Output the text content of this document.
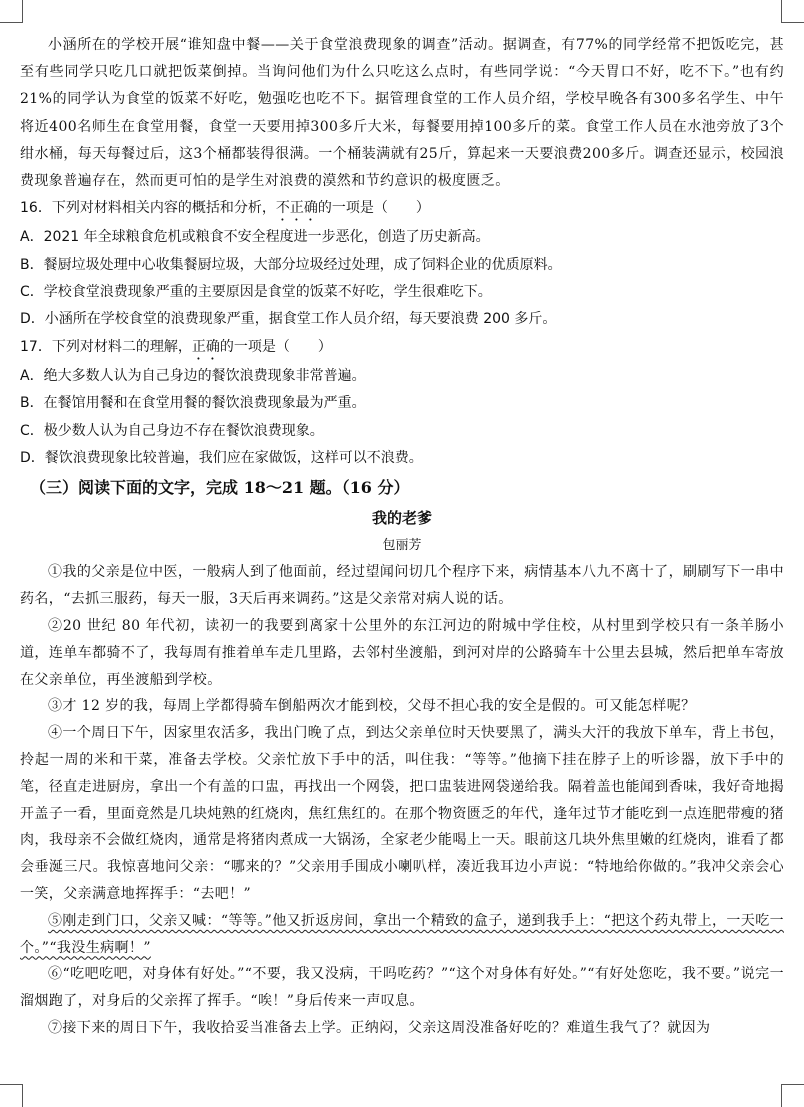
小涵所在的学校开展“谁知盘中餐——关于食堂浪费现象的调查”活动。据调查，有77%的同学经常不把饭吃完，甚至有些同学只吃几口就把饭菜倒掉。当询问他们为什么只吃这么点时，有些同学说：“今天胃口不好，吃不下。”也有约21%的同学认为食堂的饭菜不好吃，勉强吃也吃不下。据管理食堂的工作人员介绍，学校早晚各有300多名学生、中午将近400名师生在食堂用餐，食堂一天要用掉300多斤大米，每餐要用掉100多斤的菜。食堂工作人员在水池旁放了3个绀水桶，每天每餐过后，这3个桶都装得很满。一个桶装满就有25斤，算起来一天要浪费200多斤。调查还显示，校园浪费现象普遍存在，然而更可怕的是学生对浪费的漠然和节约意识的极度匮乏。

16．下列对材料相关内容的概括和分析，不正确的一项是（　　）

A．2021 年全球粮食危机或粮食不安全程度进一步恶化，创造了历史新高。

B．餐厨垃圾处理中心收集餐厨垃圾，大部分垃圾经过处理，成了饲料企业的优质原料。

C．学校食堂浪费现象严重的主要原因是食堂的饭菜不好吃，学生很难吃下。

D．小涵所在学校食堂的浪费现象严重，据食堂工作人员介绍，每天要浪费 200 多斤。

17．下列对材料二的理解，正确的一项是（　　）

A．绝大多数人认为自己身边的餐饮浪费现象非常普遍。

B．在餐馆用餐和在食堂用餐的餐饮浪费现象最为严重。

C．极少数人认为自己身边不存在餐饮浪费现象。

D．餐饮浪费现象比较普遍，我们应在家做饭，这样可以不浪费。

（三）阅读下面的文字，完成 18～21 题。（16 分）

我的老爹

包丽芳

①我的父亲是位中医，一般病人到了他面前，经过望闻问切几个程序下来，病情基本八九不离十了，刷刷写下一串中药名，“去抓三服药，每天一服，3天后再来调药。”这是父亲常对病人说的话。

②20 世纪 80 年代初，读初一的我要到离家十公里外的东江河边的附城中学住校，从村里到学校只有一条羊肠小道，连单车都骑不了，我每周有推着单车走几里路，去邻村坐渡船，到河对岸的公路骑车十公里去县城，然后把单车寄放在父亲单位，再坐渡船到学校。

③才 12 岁的我，每周上学都得骑车倒船两次才能到校，父母不担心我的安全是假的。可又能怎样呢？

④一个周日下午，因家里农活多，我出门晚了点，到达父亲单位时天快要黑了，满头大汗的我放下单车，背上书包，拎起一周的米和干菜，准备去学校。父亲忙放下手中的活，叫住我：“等等。”他摘下挂在脖子上的听诊器，放下手中的笔，径直走进厨房，拿出一个有盖的口盅，再找出一个网袋，把口盅装进网袋递给我。隔着盖也能闻到香味，我好奇地揭开盖子一看，里面竟然是几块炖熟的红烧肉，焦红焦红的。在那个物资匮乏的年代，逢年过节才能吃到一点连肥带瘦的猪肉，我母亲不会做红烧肉，通常是将猪肉煮成一大锅汤，全家老少能喝上一天。眼前这几块外焦里嫩的红烧肉，谁看了都会垂涎三尺。我惊喜地问父亲：“哪来的？”父亲用手围成小喇叭样，凑近我耳边小声说：“特地给你做的。”我冲父亲会心一笑，父亲满意地挥挥手：“去吧！”

⑤刚走到门口，父亲又喊：“等等。”他又折返房间，拿出一个精致的盒子，递到我手上：“把这个药丸带上，一天吃一个。”“我没生病啊！”

⑥“吃吧吃吧，对身体有好处。”“不要，我又没病，干吗吃药？”“这个对身体有好处。”“有好处您吃，我不要。”说完一溜烟跑了，对身后的父亲挥了挥手。“唉！”身后传来一声叹息。

⑦接下来的周日下午，我收拾妥当准备去上学。正纳闷，父亲这周没准备好吃的？难道生我气了？就因为
